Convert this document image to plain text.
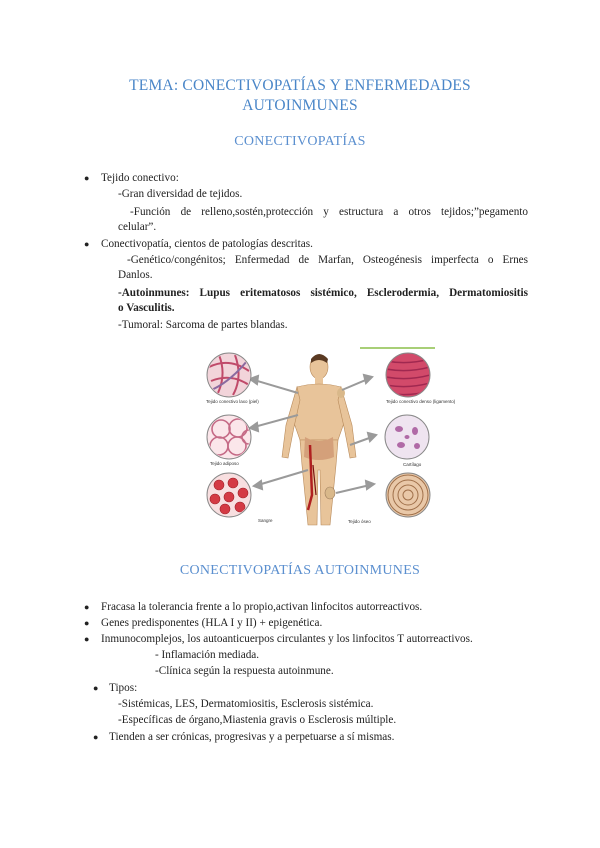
TEMA: CONECTIVOPATÍAS Y ENFERMEDADES
AUTOINMUNES
CONECTIVOPATÍAS
● Tejido conectivo:
-Gran diversidad de tejidos.
-Función de relleno,sostén,protección y estructura a otros tejidos;”pegamento
celular”.
● Conectivopatía, cientos de patologías descritas.
-Genético/congénitos; Enfermedad de Marfan, Osteogénesis imperfecta o Ernes
Danlos.
-Autoinmunes: Lupus eritematosos sistémico, Esclerodermia, Dermatomiositis
o Vasculitis.
-Tumoral: Sarcoma de partes blandas.
Tejido conectivo laxo (piel)	Tejido conectivo denso (ligamento)
Tejido adiposo	Cartílago
Sangre	Tejido óseo
CONECTIVOPATÍAS AUTOINMUNES
● Fracasa la tolerancia frente a lo propio,activan linfocitos autorreactivos.
● Genes predisponentes (HLA I y II) + epigenética.
● Inmunocomplejos, los autoanticuerpos circulantes y los linfocitos T autorreactivos.
- Inflamación mediada.
-Clínica según la respuesta autoinmune.
● Tipos:
-Sistémicas, LES, Dermatomiositis, Esclerosis sistémica.
-Específicas de órgano,Miastenia gravis o Esclerosis múltiple.
● Tienden a ser crónicas, progresivas y a perpetuarse a sí mismas.
